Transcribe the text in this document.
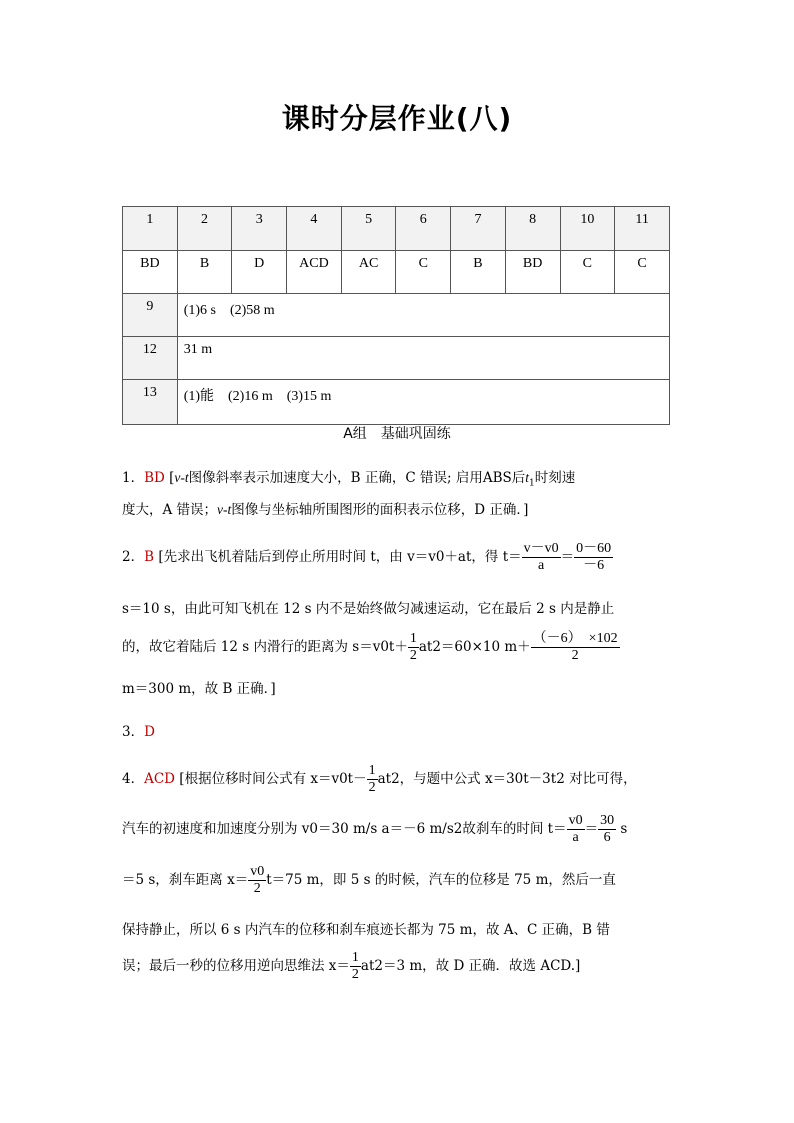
课时分层作业(八)
1	2	3	4	5	6	7	8	10	11
BD	B	D	ACD	AC	C	B	BD	C	C
9	(1)6 s　(2)58 m								
12	31 m								
13	(1)能　(2)16 m　(3)15 m								
A组　基础巩固练
1．BD [v-t图像斜率表示加速度大小，B 正确，C 错误; 启用ABS后$t_1$时刻速
度大，A 错误；v-t图像与坐标轴所围图形的面积表示位移，D 正确．]
2．B [先求出飞机着陆后到停止所用时间 t，由 v＝v0＋at，得 $t= \frac{v-v0}{a} = \frac{0-60}{-6}$
s＝10 s，由此可知飞机在 12 s 内不是始终做匀减速运动，它在最后 2 s 内是静止
的，故它着陆后 12 s 内滑行的距离为 $s=v0t+ \frac{1}{2} at2=60\times 10$ $m+ \frac{(-6) \times 102}{2}$
m＝300 m，故 B 正确．]
3．D
4．ACD [根据位移时间公式有 $x=v0t- \frac{1}{2} at2$，与题中公式 x＝30t－3t2 对比可得，
汽车的初速度和加速度分别为 v0＝30 m/s a＝－6 m/s2故刹车的时间 $t= \frac{v0}{a} = \frac{30}{6}$ s
＝5 s，刹车距离 $x= \frac{v0}{2} t=75$ m，即 5 s 的时候，汽车的位移是 75 m，然后一直
保持静止，所以 6 s 内汽车的位移和刹车痕迹长都为 75 m，故 A、C 正确，B 错
误；最后一秒的位移用逆向思维法 $x= \frac{1}{2} at2=3$ m，故 D 正确．故选 ACD.]
